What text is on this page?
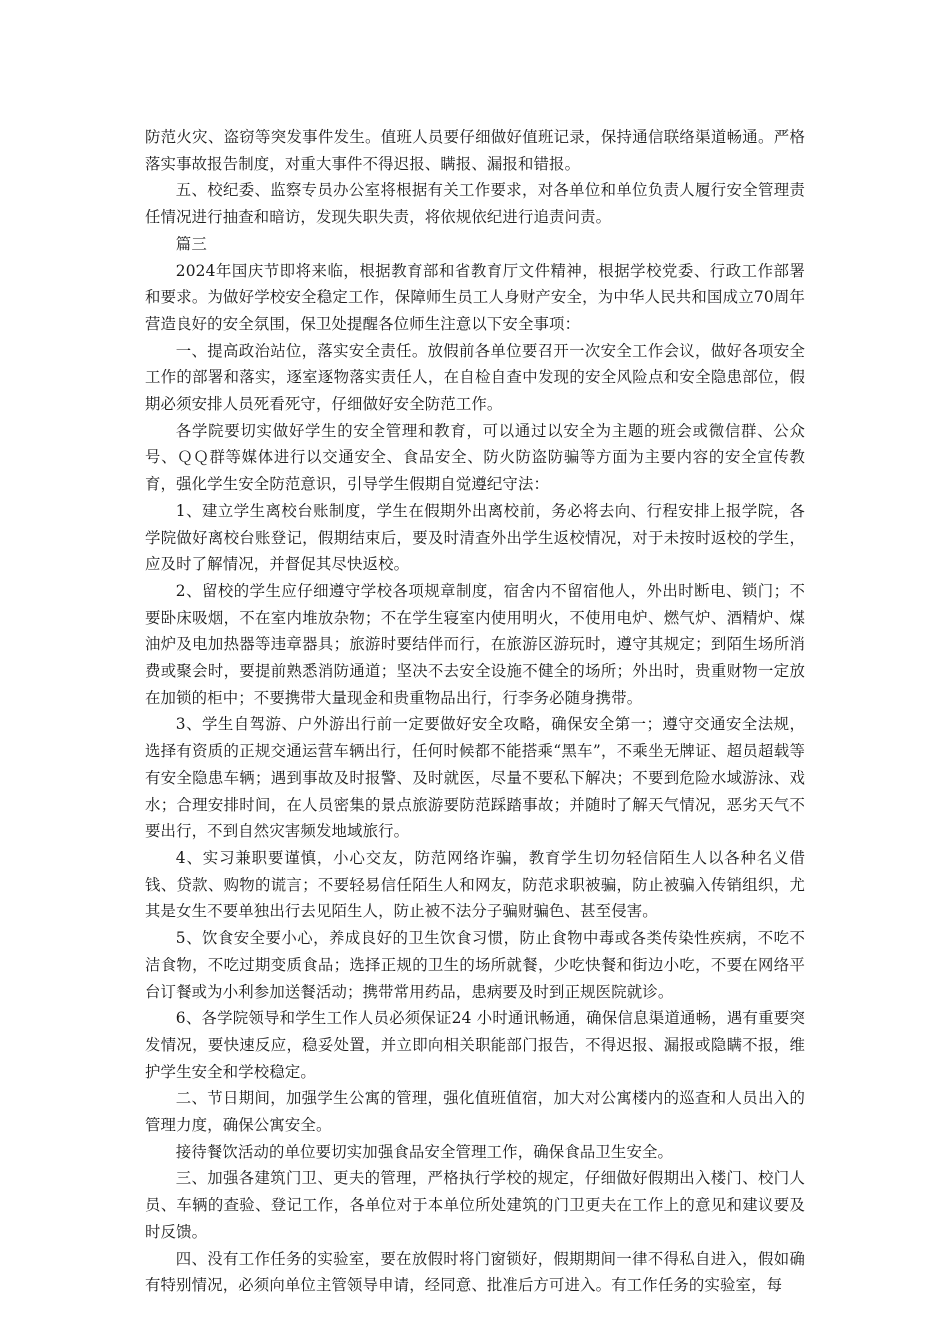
防范火灾、盗窃等突发事件发生。值班人员要仔细做好值班记录，保持通信联络渠道畅通。严格落实事故报告制度，对重大事件不得迟报、瞒报、漏报和错报。

五、校纪委、监察专员办公室将根据有关工作要求，对各单位和单位负责人履行安全管理责任情况进行抽查和暗访，发现失职失责，将依规依纪进行追责问责。

篇三

2024年国庆节即将来临，根据教育部和省教育厅文件精神，根据学校党委、行政工作部署和要求。为做好学校安全稳定工作，保障师生员工人身财产安全，为中华人民共和国成立70周年营造良好的安全氛围，保卫处提醒各位师生注意以下安全事项：

一、提高政治站位，落实安全责任。放假前各单位要召开一次安全工作会议，做好各项安全工作的部署和落实，逐室逐物落实责任人，在自检自查中发现的安全风险点和安全隐患部位，假期必须安排人员死看死守，仔细做好安全防范工作。

各学院要切实做好学生的安全管理和教育，可以通过以安全为主题的班会或微信群、公众号、ＱＱ群等媒体进行以交通安全、食品安全、防火防盗防骗等方面为主要内容的安全宣传教育，强化学生安全防范意识，引导学生假期自觉遵纪守法：

1、建立学生离校台账制度，学生在假期外出离校前，务必将去向、行程安排上报学院，各学院做好离校台账登记，假期结束后，要及时清查外出学生返校情况，对于未按时返校的学生，应及时了解情况，并督促其尽快返校。

2、留校的学生应仔细遵守学校各项规章制度，宿舍内不留宿他人，外出时断电、锁门；不要卧床吸烟，不在室内堆放杂物；不在学生寝室内使用明火，不使用电炉、燃气炉、酒精炉、煤油炉及电加热器等违章器具；旅游时要结伴而行，在旅游区游玩时，遵守其规定；到陌生场所消费或聚会时，要提前熟悉消防通道；坚决不去安全设施不健全的场所；外出时，贵重财物一定放在加锁的柜中；不要携带大量现金和贵重物品出行，行李务必随身携带。

3、学生自驾游、户外游出行前一定要做好安全攻略，确保安全第一；遵守交通安全法规，选择有资质的正规交通运营车辆出行，任何时候都不能搭乘“黑车”，不乘坐无牌证、超员超载等有安全隐患车辆；遇到事故及时报警、及时就医，尽量不要私下解决；不要到危险水域游泳、戏水；合理安排时间，在人员密集的景点旅游要防范踩踏事故；并随时了解天气情况，恶劣天气不要出行，不到自然灾害频发地域旅行。

4、实习兼职要谨慎，小心交友，防范网络诈骗，教育学生切勿轻信陌生人以各种名义借钱、贷款、购物的谎言；不要轻易信任陌生人和网友，防范求职被骗，防止被骗入传销组织，尤其是女生不要单独出行去见陌生人，防止被不法分子骗财骗色、甚至侵害。

5、饮食安全要小心，养成良好的卫生饮食习惯，防止食物中毒或各类传染性疾病，不吃不洁食物，不吃过期变质食品；选择正规的卫生的场所就餐，少吃快餐和街边小吃，不要在网络平台订餐或为小利参加送餐活动；携带常用药品，患病要及时到正规医院就诊。

6、各学院领导和学生工作人员必须保证24 小时通讯畅通，确保信息渠道通畅，遇有重要突发情况，要快速反应，稳妥处置，并立即向相关职能部门报告，不得迟报、漏报或隐瞒不报，维护学生安全和学校稳定。

二、节日期间，加强学生公寓的管理，强化值班值宿，加大对公寓楼内的巡查和人员出入的管理力度，确保公寓安全。

接待餐饮活动的单位要切实加强食品安全管理工作，确保食品卫生安全。

三、加强各建筑门卫、更夫的管理，严格执行学校的规定，仔细做好假期出入楼门、校门人员、车辆的查验、登记工作，各单位对于本单位所处建筑的门卫更夫在工作上的意见和建议要及时反馈。

四、没有工作任务的实验室，要在放假时将门窗锁好，假期期间一律不得私自进入，假如确有特别情况，必须向单位主管领导申请，经同意、批准后方可进入。有工作任务的实验室，每
